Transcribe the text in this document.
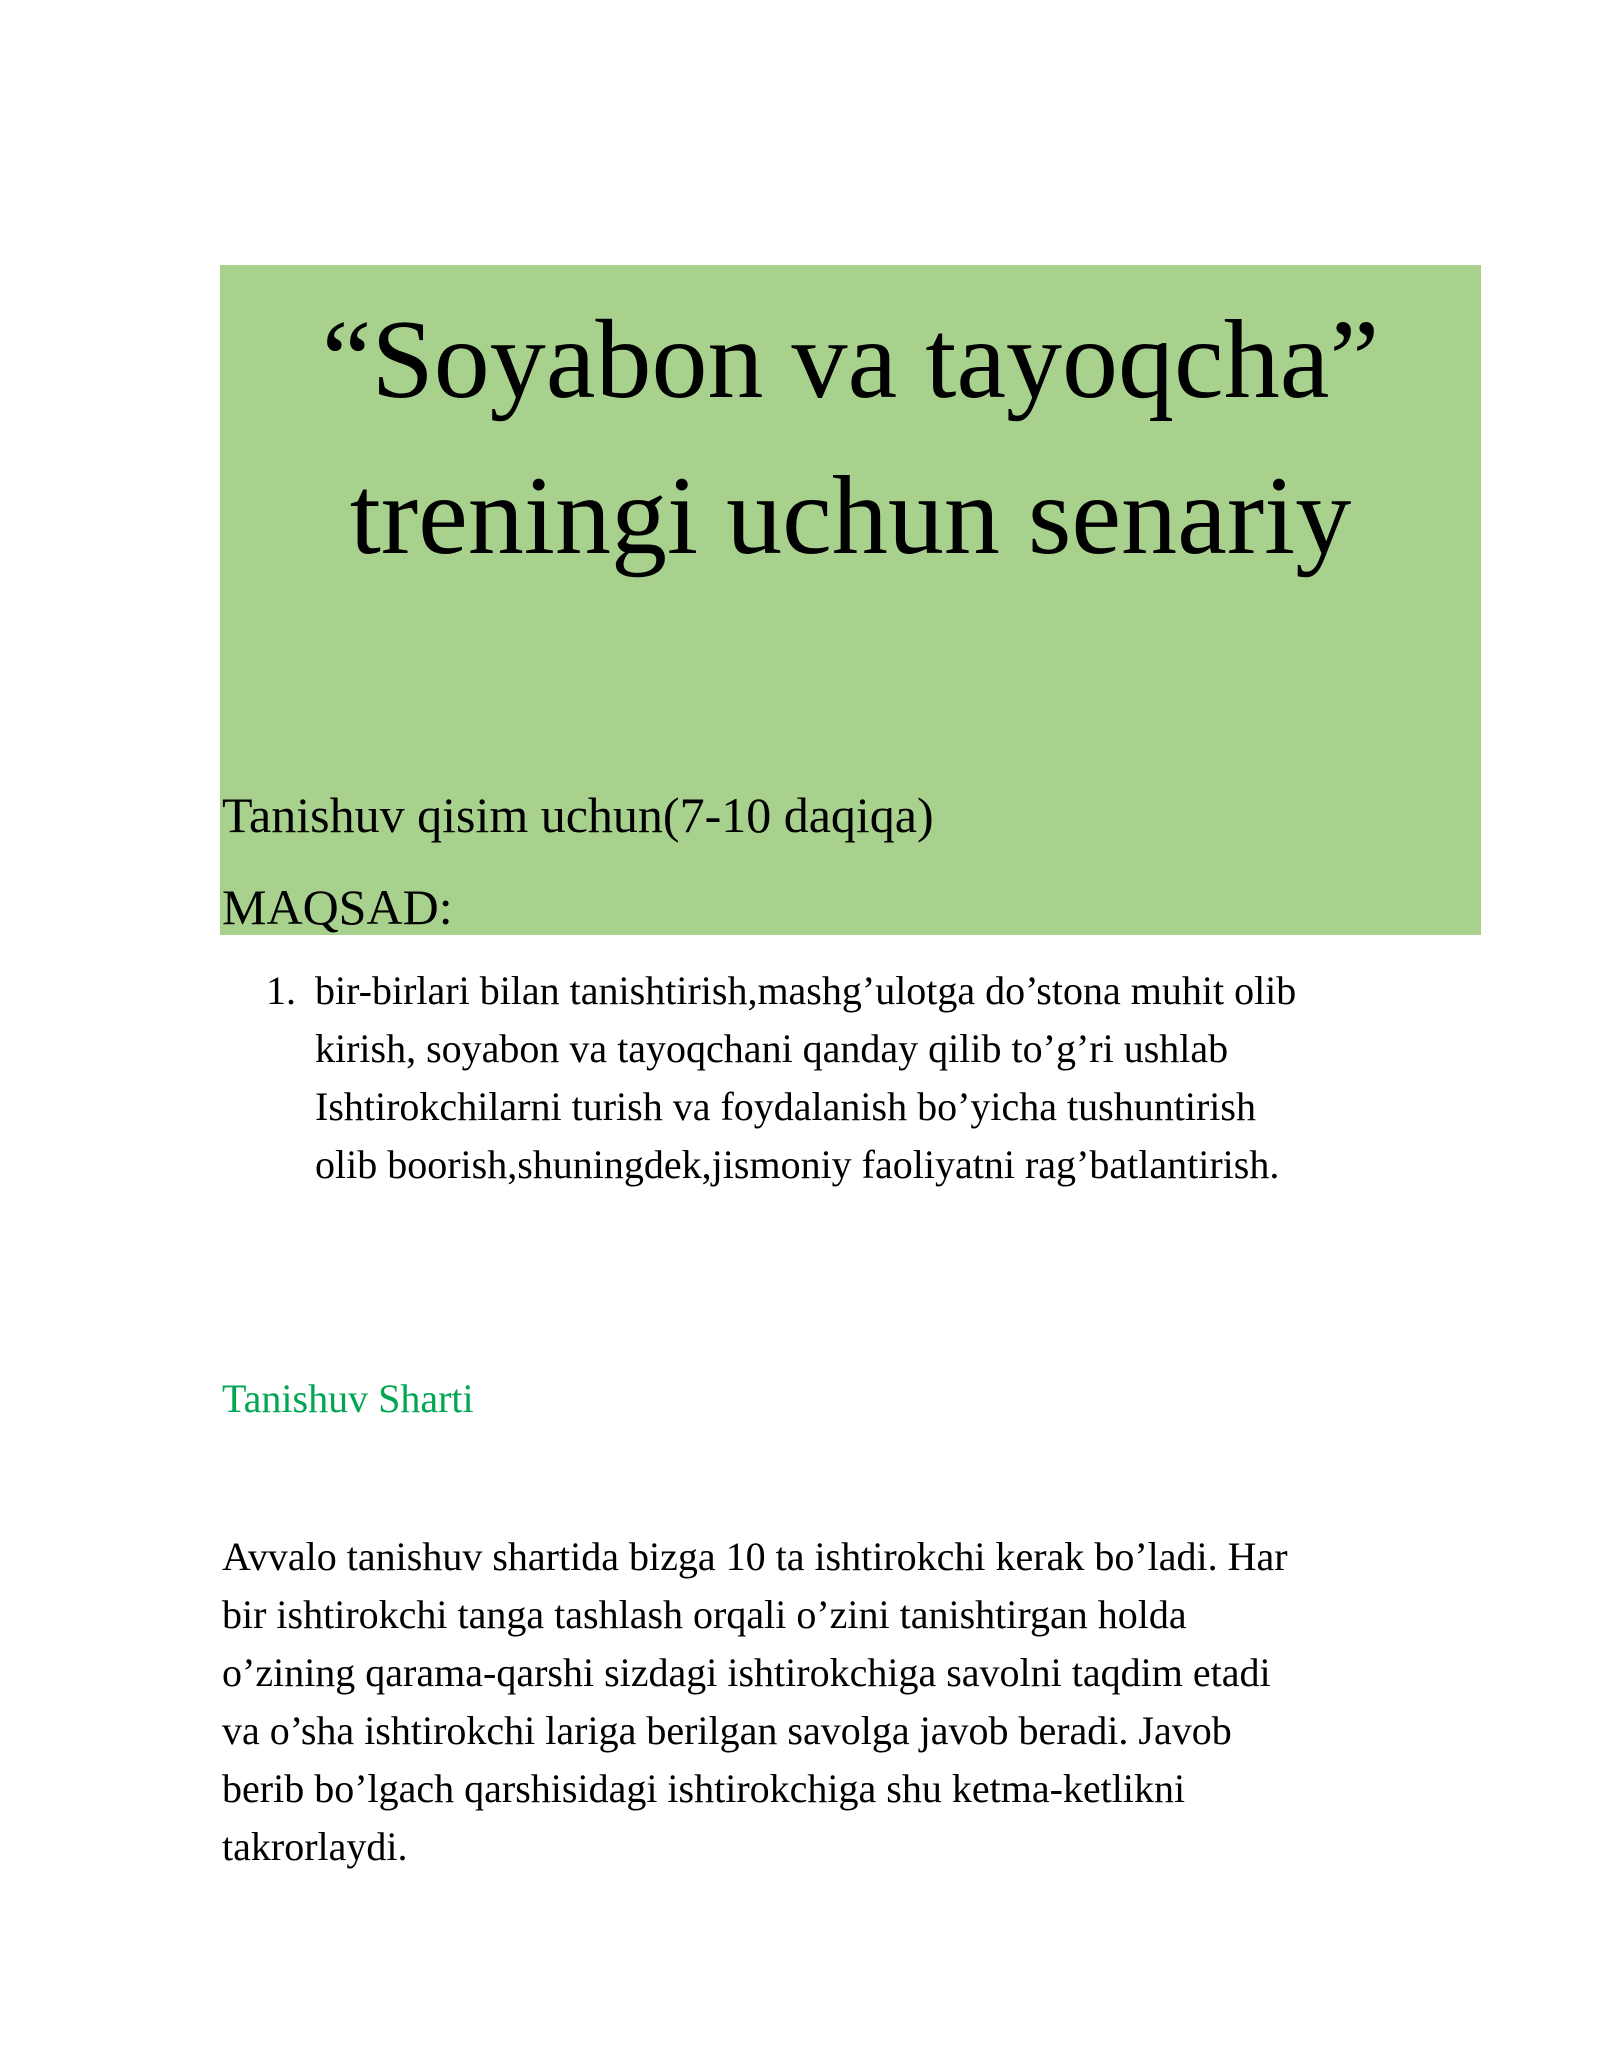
“Soyabon va tayoqcha”
treningi uchun senariy

Tanishuv qisim uchun(7-10 daqiqa)

MAQSAD:

1. bir-birlari bilan tanishtirish,mashg’ulotga do’stona muhit olib
kirish, soyabon va tayoqchani qanday qilib to’g’ri ushlab
Ishtirokchilarni turish va foydalanish bo’yicha tushuntirish
olib boorish,shuningdek,jismoniy faoliyatni rag’batlantirish.
Tanishuv Sharti

Avvalo tanishuv shartida bizga 10 ta ishtirokchi kerak bo’ladi. Har
bir ishtirokchi tanga tashlash orqali o’zini tanishtirgan holda
o’zining qarama-qarshi sizdagi ishtirokchiga savolni taqdim etadi
va o’sha ishtirokchi lariga berilgan savolga javob beradi. Javob
berib bo’lgach qarshisidagi ishtirokchiga shu ketma-ketlikni
takrorlaydi.
